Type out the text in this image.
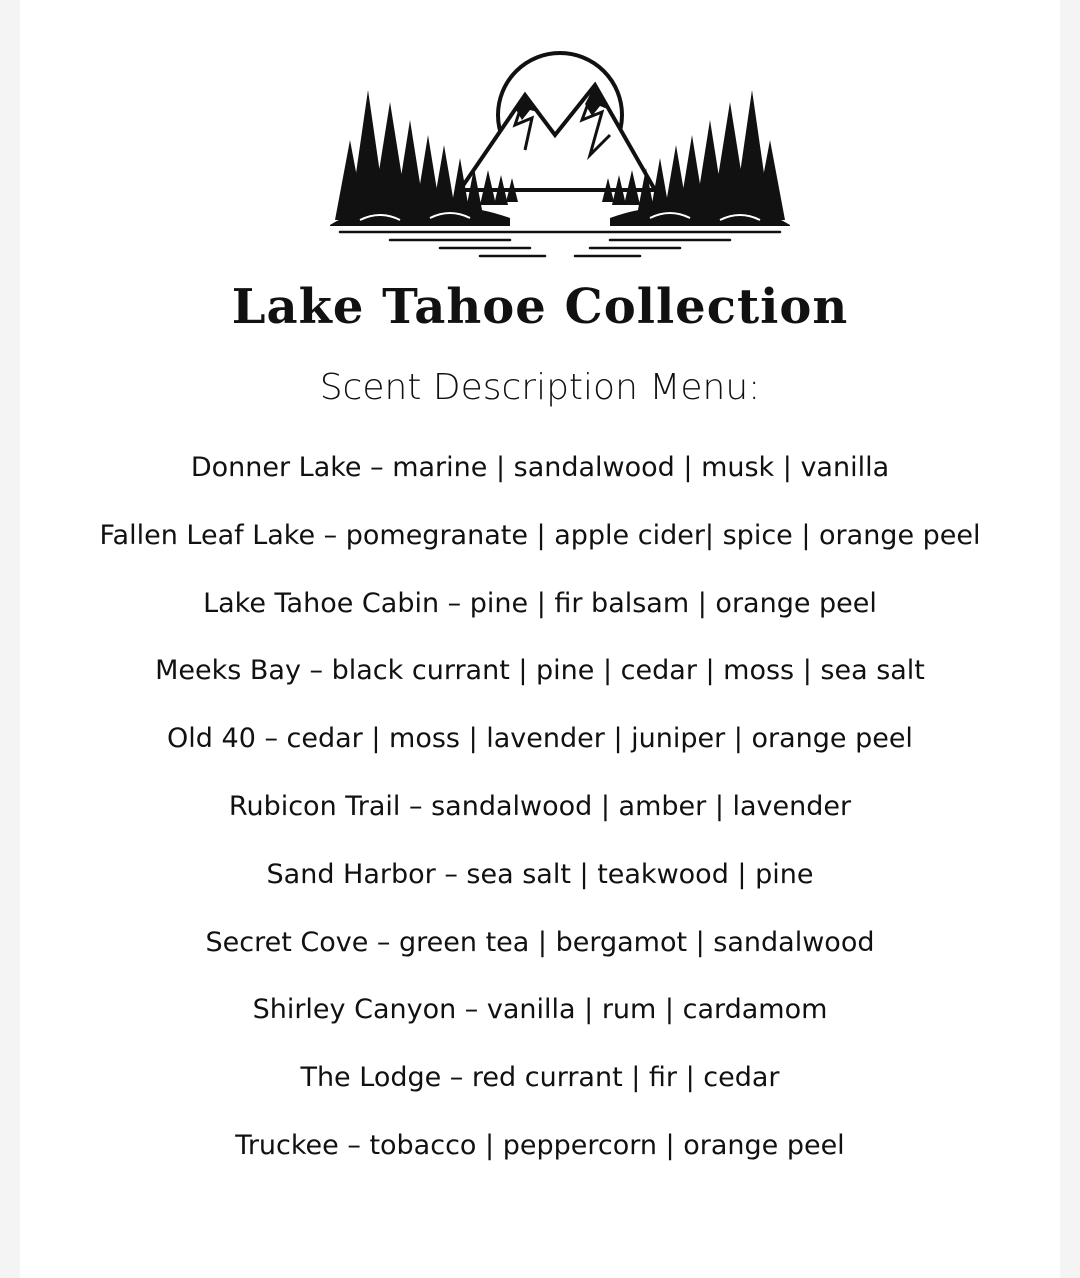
Lake Tahoe Collection
Scent Description Menu:
Donner Lake – marine | sandalwood | musk | vanilla
Fallen Leaf Lake – pomegranate | apple cider| spice | orange peel
Lake Tahoe Cabin – pine | fir balsam | orange peel
Meeks Bay – black currant | pine | cedar | moss | sea salt
Old 40 – cedar | moss | lavender | juniper | orange peel
Rubicon Trail – sandalwood | amber | lavender
Sand Harbor – sea salt | teakwood | pine
Secret Cove – green tea | bergamot | sandalwood
Shirley Canyon – vanilla | rum | cardamom
The Lodge – red currant | fir | cedar
Truckee – tobacco | peppercorn | orange peel
